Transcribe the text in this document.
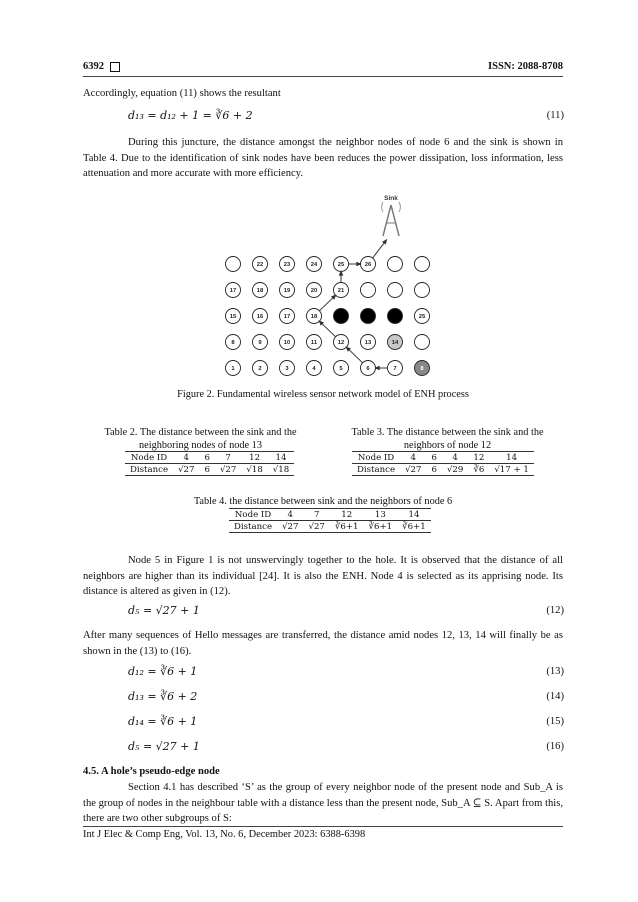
6392	ISSN: 2088-8708
Accordingly, equation (11) shows the resultant
d₁₃ = d₁₂ + 1 = ∛6 + 2	(11)
During this juncture, the distance amongst the neighbor nodes of node 6 and the sink is shown in Table 4. Due to the identification of sink nodes have been reduces the power dissipation, loss information, less attenuation and more accurate with more efficiency.
Sink
22	23	24	25	26
17	18	19	20	21
15	16	17	18	25
8	9	10	11	12	13	14
1	2	3	4	5	6	7	8
Figure 2. Fundamental wireless sensor network model of ENH process
Table 2. The distance between the sink and the
neighboring nodes of node 13
Node ID	4	6	7	12	14
Distance	√27	6	√27	√18	√18
Table 3. The distance between the sink and the
neighbors of node 12
Node ID	4	6	4	12	14
Distance	√27	6	√29	∛6	√17 + 1
Table 4. the distance between sink and the neighbors of node 6
Node ID	4	7	12	13	14
Distance	√27	√27	∛6+1	∛6+1	∛6+1
Node 5 in Figure 1 is not unswervingly together to the hole. It is observed that the distance of all neighbors are higher than its individual [24]. It is also the ENH. Node 4 is selected as its apprising node. Its distance is altered as given in (12).
d₅ = √27 + 1	(12)
After many sequences of Hello messages are transferred, the distance amid nodes 12, 13, 14 will finally be as shown in the (13) to (16).
d₁₂ = ∛6 + 1	(13)
d₁₃ = ∛6 + 2	(14)
d₁₄ = ∛6 + 1	(15)
d₅ = √27 + 1	(16)
4.5. A hole’s pseudo-edge node
Section 4.1 has described ‘S’ as the group of every neighbor node of the present node and Sub_A is the group of nodes in the neighbour table with a distance less than the present node, Sub_A ⊆ S. Apart from this, there are two other subgroups of S:
Int J Elec & Comp Eng, Vol. 13, No. 6, December 2023: 6388-6398
